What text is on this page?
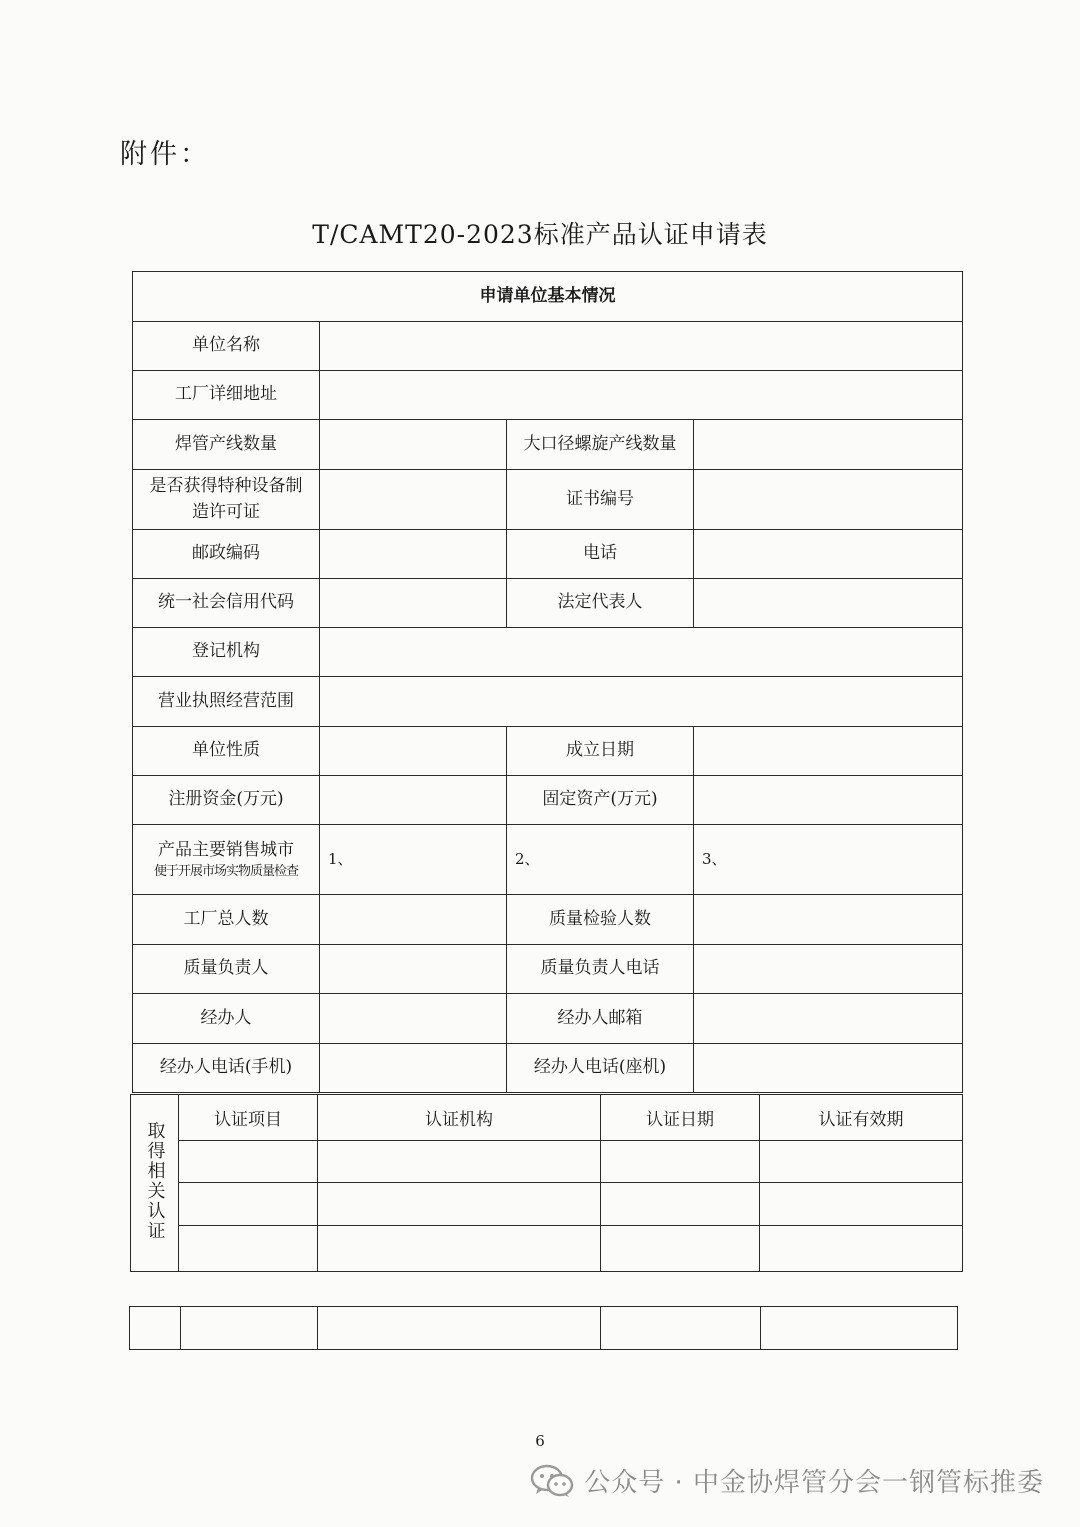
附件：
T/CAMT20-2023标准产品认证申请表
申请单位基本情况			
单位名称			
工厂详细地址			
焊管产线数量		大口径螺旋产线数量	

是否获得特种设备制
造许可证		证书编号	
邮政编码		电话	
统一社会信用代码		法定代表人	
登记机构			
营业执照经营范围			
单位性质		成立日期	
注册资金(万元)		固定资产(万元)	

产品主要销售城市
便于开展市场实物质量检查	1、	2、	3、
工厂总人数		质量检验人数	
质量负责人		质量负责人电话	
经办人		经办人邮箱	
经办人电话(手机)		经办人电话(座机)	
取得相关认证	认证项目	认证机构	认证日期	认证有效期

6
公众号 · 中金协焊管分会一钢管标推委
